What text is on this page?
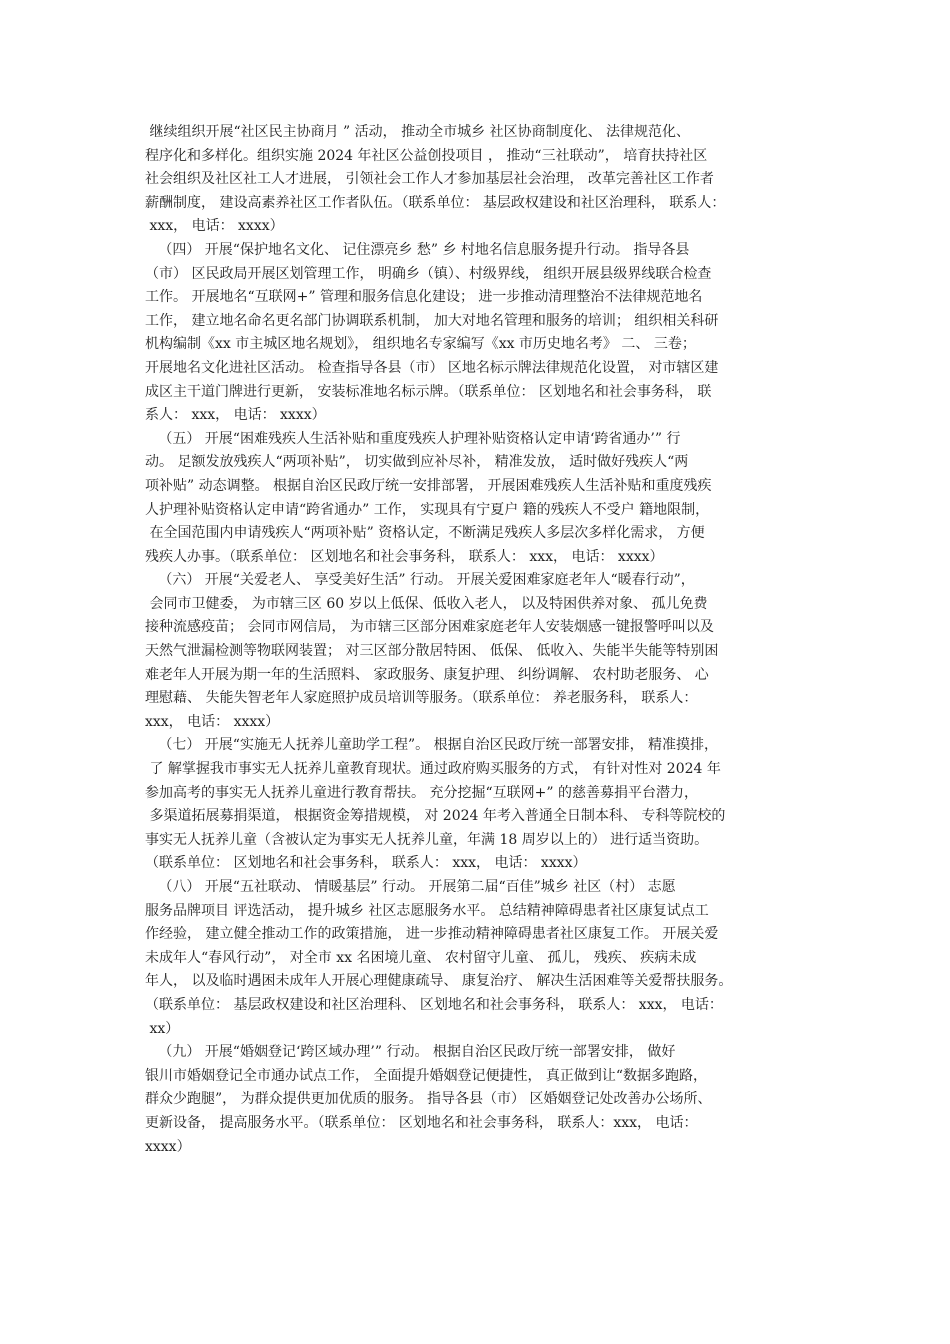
继续组织开展“社区民主协商月 ” 活动， 推动全市城乡 社区协商制度化、 法律规范化、
程序化和多样化。组织实施 2024 年社区公益创投项目 ， 推动“三社联动”， 培育扶持社区
社会组织及社区社工人才进展， 引领社会工作人才参加基层社会治理， 改革完善社区工作者
薪酬制度， 建设高素养社区工作者队伍。（联系单位： 基层政权建设和社区治理科， 联系人：
xxx， 电话： xxxx）
（四） 开展“保护地名文化、 记住漂亮乡 愁” 乡 村地名信息服务提升行动。 指导各县
（市） 区民政局开展区划管理工作， 明确乡（镇）、村级界线， 组织开展县级界线联合检查
工作。 开展地名“互联网+” 管理和服务信息化建设； 进一步推动清理整治不法律规范地名
工作， 建立地名命名更名部门协调联系机制， 加大对地名管理和服务的培训； 组织相关科研
机构编制《xx 市主城区地名规划》， 组织地名专家编写《xx 市历史地名考》 二、 三卷；
开展地名文化进社区活动。 检查指导各县（市） 区地名标示牌法律规范化设置， 对市辖区建
成区主干道门牌进行更新， 安装标准地名标示牌。（联系单位： 区划地名和社会事务科， 联
系人： xxx， 电话： xxxx）
（五） 开展“困难残疾人生活补贴和重度残疾人护理补贴资格认定申请‘跨省通办’” 行
动。 足额发放残疾人“两项补贴”， 切实做到应补尽补， 精准发放， 适时做好残疾人“两
项补贴” 动态调整。 根据自治区民政厅统一安排部署， 开展困难残疾人生活补贴和重度残疾
人护理补贴资格认定申请“跨省通办” 工作， 实现具有宁夏户 籍的残疾人不受户 籍地限制，
在全国范围内申请残疾人“两项补贴” 资格认定，不断满足残疾人多层次多样化需求， 方便
残疾人办事。（联系单位： 区划地名和社会事务科， 联系人： xxx， 电话： xxxx）
（六） 开展“关爱老人、 享受美好生活” 行动。 开展关爱困难家庭老年人“暖春行动”，
会同市卫健委， 为市辖三区 60 岁以上低保、低收入老人， 以及特困供养对象、 孤儿免费
接种流感疫苗； 会同市网信局， 为市辖三区部分困难家庭老年人安装烟感一键报警呼叫以及
天然气泄漏检测等物联网装置； 对三区部分散居特困、 低保、 低收入、失能半失能等特别困
难老年人开展为期一年的生活照料、 家政服务、康复护理、 纠纷调解、 农村助老服务、 心
理慰藉、 失能失智老年人家庭照护成员培训等服务。（联系单位： 养老服务科， 联系人：
xxx， 电话： xxxx）
（七） 开展“实施无人抚养儿童助学工程”。 根据自治区民政厅统一部署安排， 精准摸排，
了 解掌握我市事实无人抚养儿童教育现状。通过政府购买服务的方式， 有针对性对 2024 年
参加高考的事实无人抚养儿童进行教育帮扶。 充分挖掘“互联网+” 的慈善募捐平台潜力，
多渠道拓展募捐渠道， 根据资金筹措规模， 对 2024 年考入普通全日制本科、 专科等院校的
事实无人抚养儿童（含被认定为事实无人抚养儿童，年满 18 周岁以上的） 进行适当资助。
（联系单位： 区划地名和社会事务科， 联系人： xxx， 电话： xxxx）
（八） 开展“五社联动、 情暖基层” 行动。 开展第二届“百佳”城乡 社区（村） 志愿
服务品牌项目 评选活动， 提升城乡 社区志愿服务水平。 总结精神障碍患者社区康复试点工
作经验， 建立健全推动工作的政策措施， 进一步推动精神障碍患者社区康复工作。 开展关爱
未成年人“春风行动”， 对全市 xx 名困境儿童、 农村留守儿童、 孤儿， 残疾、 疾病未成
年人， 以及临时遇困未成年人开展心理健康疏导、 康复治疗、 解决生活困难等关爱帮扶服务。
（联系单位： 基层政权建设和社区治理科、 区划地名和社会事务科， 联系人： xxx， 电话：
xx）
（九） 开展“婚姻登记‘跨区域办理’” 行动。 根据自治区民政厅统一部署安排， 做好
银川市婚姻登记全市通办试点工作， 全面提升婚姻登记便捷性， 真正做到让“数据多跑路，
群众少跑腿”， 为群众提供更加优质的服务。 指导各县（市） 区婚姻登记处改善办公场所、
更新设备， 提高服务水平。（联系单位： 区划地名和社会事务科， 联系人：xxx， 电话：
xxxx）
